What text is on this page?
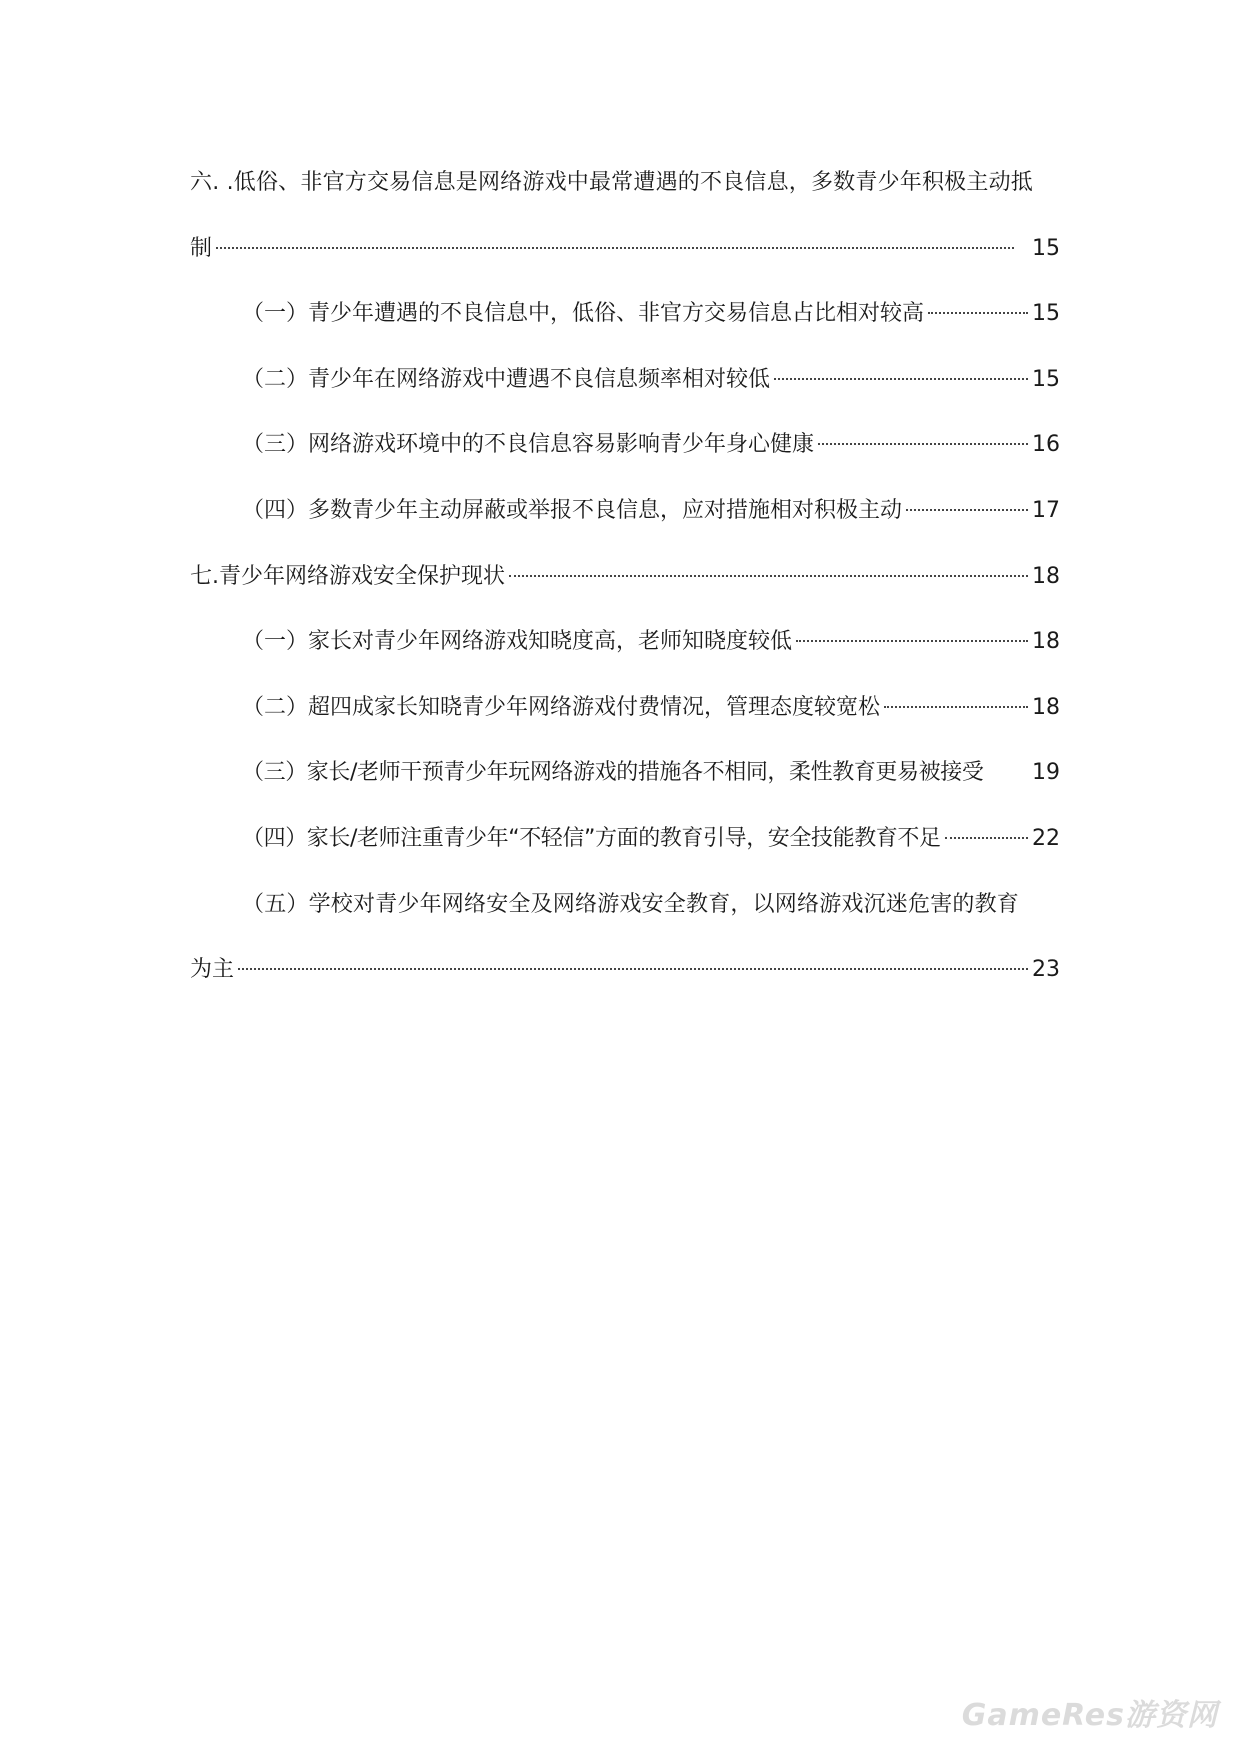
六. .低俗、非官方交易信息是网络游戏中最常遭遇的不良信息，多数青少年积极主动抵
制	15
（一）青少年遭遇的不良信息中，低俗、非官方交易信息占比相对较高	15
（二）青少年在网络游戏中遭遇不良信息频率相对较低	15
（三）网络游戏环境中的不良信息容易影响青少年身心健康	16
（四）多数青少年主动屏蔽或举报不良信息，应对措施相对积极主动	17
七.青少年网络游戏安全保护现状	18
（一）家长对青少年网络游戏知晓度高，老师知晓度较低	18
（二）超四成家长知晓青少年网络游戏付费情况，管理态度较宽松	18
（三）家长/老师干预青少年玩网络游戏的措施各不相同，柔性教育更易被接受 19
（四）家长/老师注重青少年“不轻信”方面的教育引导，安全技能教育不足	22
（五）学校对青少年网络安全及网络游戏安全教育，以网络游戏沉迷危害的教育
为主	23
GameRes游资网
